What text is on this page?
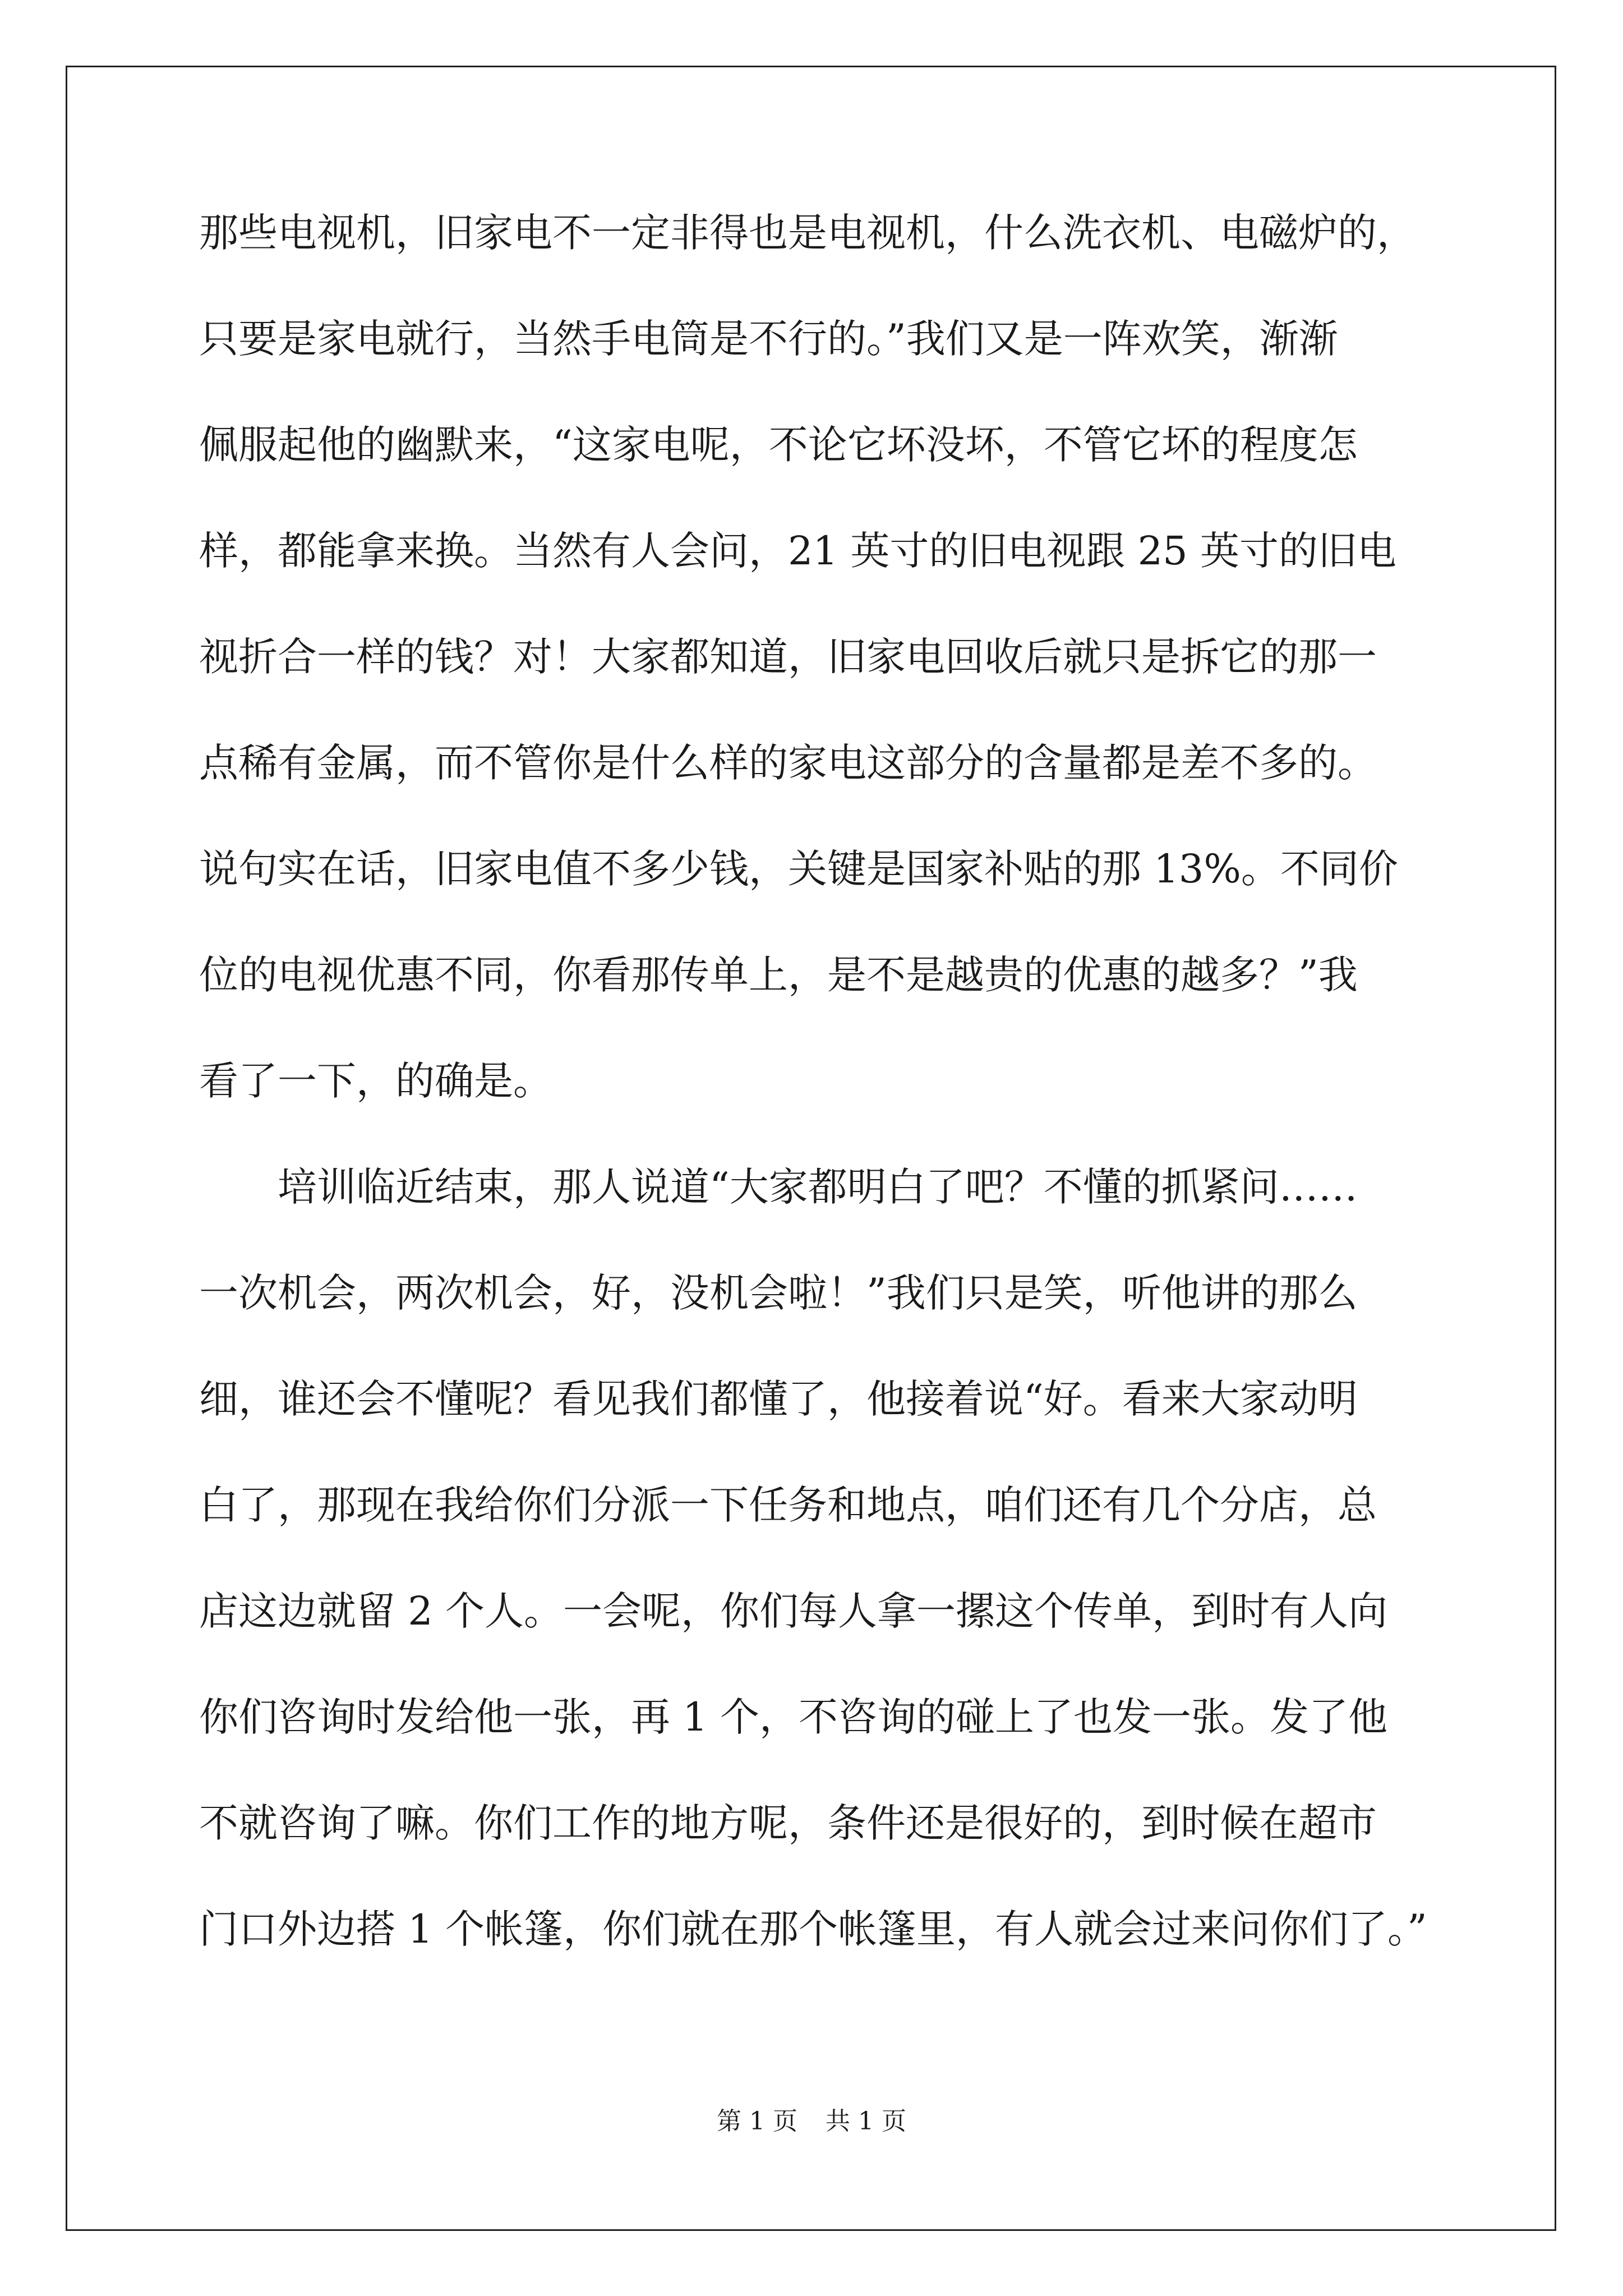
那些电视机，旧家电不一定非得也是电视机，什么洗衣机、电磁炉的，
只要是家电就行，当然手电筒是不行的。”我们又是一阵欢笑，渐渐
佩服起他的幽默来，“这家电呢，不论它坏没坏，不管它坏的程度怎
样，都能拿来换。当然有人会问，21 英寸的旧电视跟 25 英寸的旧电
视折合一样的钱？对！大家都知道，旧家电回收后就只是拆它的那一
点稀有金属，而不管你是什么样的家电这部分的含量都是差不多的。
说句实在话，旧家电值不多少钱，关键是国家补贴的那 13%。不同价
位的电视优惠不同，你看那传单上，是不是越贵的优惠的越多？”我
看了一下，的确是。
培训临近结束，那人说道“大家都明白了吧？不懂的抓紧问……
一次机会，两次机会，好，没机会啦！”我们只是笑，听他讲的那么
细，谁还会不懂呢？看见我们都懂了，他接着说“好。看来大家动明
白了，那现在我给你们分派一下任务和地点，咱们还有几个分店，总
店这边就留 2 个人。一会呢，你们每人拿一摞这个传单，到时有人向
你们咨询时发给他一张，再 1 个，不咨询的碰上了也发一张。发了他
不就咨询了嘛。你们工作的地方呢，条件还是很好的，到时候在超市
门口外边搭 1 个帐篷，你们就在那个帐篷里，有人就会过来问你们了。”
第 1 页 共 1 页
